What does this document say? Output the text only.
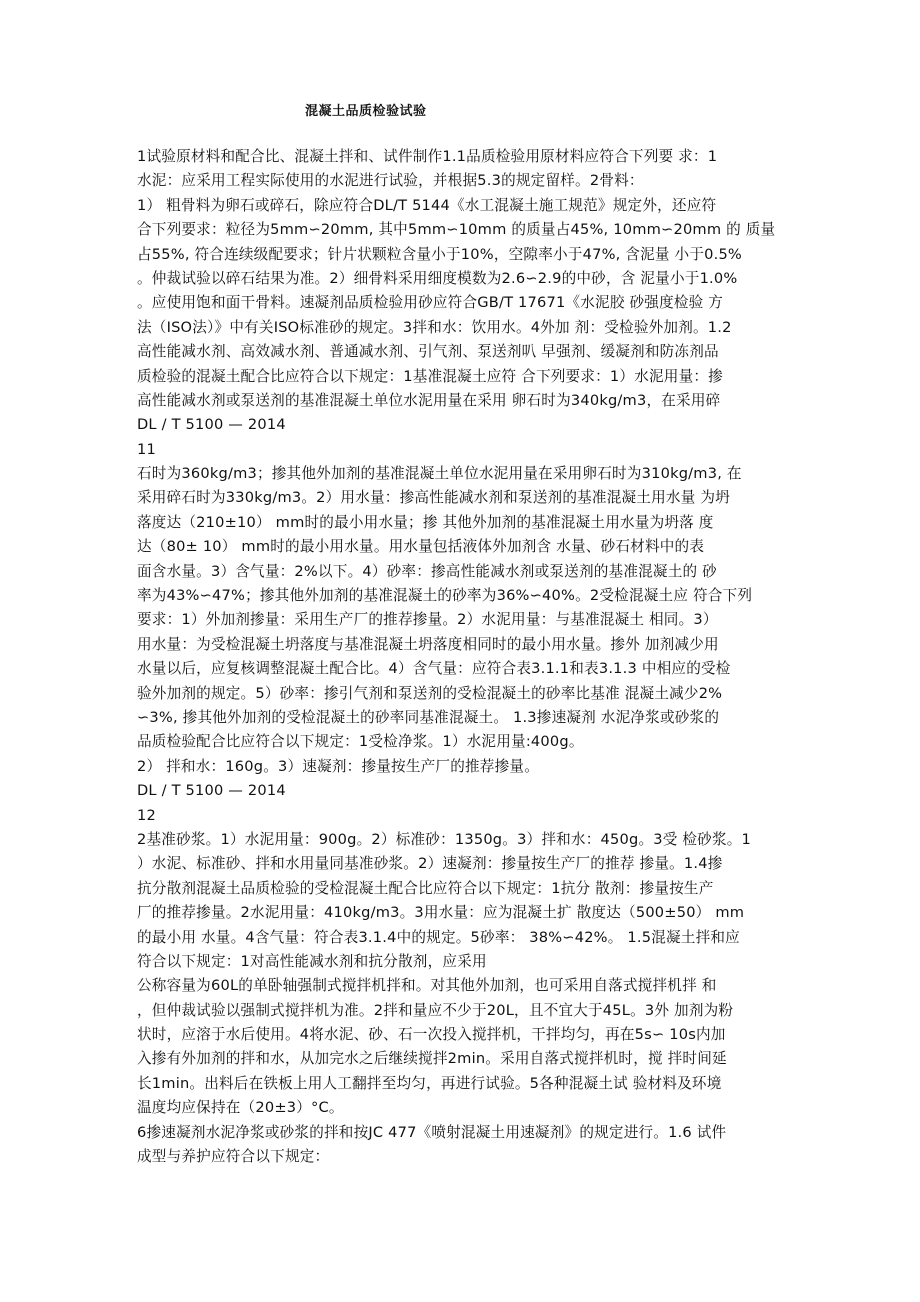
混凝土品质检验试验
1试验原材料和配合比、混凝土拌和、试件制作1.1品质检验用原材料应符合下列要 求：1
水泥：应采用工程实际使用的水泥进行试验，并根据5.3的规定留样。2骨料：
1） 粗骨料为卵石或碎石，除应符合DL/T 5144《水工混凝土施工规范》规定外，还应符
合下列要求：粒径为5mm∽20mm, 其中5mm∽10mm 的质量占45%, 10mm∽20mm 的 质量
占55%, 符合连续级配要求；针片状颗粒含量小于10%，空隙率小于47%, 含泥量 小于0.5%
。仲裁试验以碎石结果为准。2）细骨料采用细度模数为2.6∽2.9的中砂，含 泥量小于1.0%
。应使用饱和面干骨料。速凝剂品质检验用砂应符合GB/T 17671《水泥胶 砂强度检验 方
法（ISO法）》中有关ISO标准砂的规定。3拌和水：饮用水。4外加 剂：受检验外加剂。1.2
高性能减水剂、高效减水剂、普通减水剂、引气剂、泵送剂叭 早强剂、缓凝剂和防冻剂品
质检验的混凝土配合比应符合以下规定：1基准混凝土应符 合下列要求：1）水泥用量：掺
高性能减水剂或泵送剂的基准混凝土单位水泥用量在采用 卵石时为340kg/m3，在采用碎
DL / T 5100 — 2014
11
石时为360kg/m3；掺其他外加剂的基准混凝土单位水泥用量在采用卵石时为310kg/m3, 在
采用碎石时为330kg/m3。2）用水量：掺高性能减水剂和泵送剂的基准混凝土用水量 为坍
落度达（210±10） mm时的最小用水量；掺 其他外加剂的基准混凝土用水量为坍落 度
达（80± 10） mm时的最小用水量。用水量包括液体外加剂含 水量、砂石材料中的表
面含水量。3）含气量：2%以下。4）砂率：掺高性能减水剂或泵送剂的基准混凝土的 砂
率为43%∽47%；掺其他外加剂的基准混凝土的砂率为36%∽40%。2受检混凝土应 符合下列
要求：1）外加剂掺量：采用生产厂的推荐掺量。2）水泥用量：与基准混凝土 相同。3）
用水量：为受检混凝土坍落度与基准混凝土坍落度相同时的最小用水量。掺外 加剂减少用
水量以后，应复核调整混凝土配合比。4）含气量：应符合表3.1.1和表3.1.3 中相应的受检
验外加剂的规定。5）砂率：掺引气剂和泵送剂的受检混凝土的砂率比基准 混凝土减少2%
∽3%, 掺其他外加剂的受检混凝土的砂率同基准混凝土。 1.3掺速凝剂 水泥净浆或砂浆的
品质检验配合比应符合以下规定：1受检净浆。1）水泥用量:400g。
2） 拌和水：160g。3）速凝剂：掺量按生产厂的推荐掺量。
DL / T 5100 — 2014
12
2基准砂浆。1）水泥用量：900g。2）标准砂：1350g。3）拌和水：450g。3受 检砂浆。1
）水泥、标准砂、拌和水用量同基准砂浆。2）速凝剂：掺量按生产厂的推荐 掺量。1.4掺
抗分散剂混凝土品质检验的受检混凝土配合比应符合以下规定：1抗分 散剂：掺量按生产
厂的推荐掺量。2水泥用量：410kg/m3。3用水量：应为混凝土扩 散度达（500±50） mm
的最小用 水量。4含气量：符合表3.1.4中的规定。5砂率： 38%∽42%。 1.5混凝土拌和应
符合以下规定：1对高性能减水剂和抗分散剂，应采用
公称容量为60L的单卧轴强制式搅拌机拌和。对其他外加剂，也可采用自落式搅拌机拌 和
，但仲裁试验以强制式搅拌机为准。2拌和量应不少于20L，且不宜大于45L。3外 加剂为粉
状时，应溶于水后使用。4将水泥、砂、石一次投入搅拌机，干拌均匀，再在5s∽ 10s内加
入掺有外加剂的拌和水，从加完水之后继续搅拌2min。采用自落式搅拌机时，搅 拌时间延
长1min。出料后在铁板上用人工翻拌至均匀，再进行试验。5各种混凝土试 验材料及环境
温度均应保持在（20±3）°C。
6掺速凝剂水泥净浆或砂浆的拌和按JC 477《喷射混凝土用速凝剂》的规定进行。1.6 试件
成型与养护应符合以下规定：
